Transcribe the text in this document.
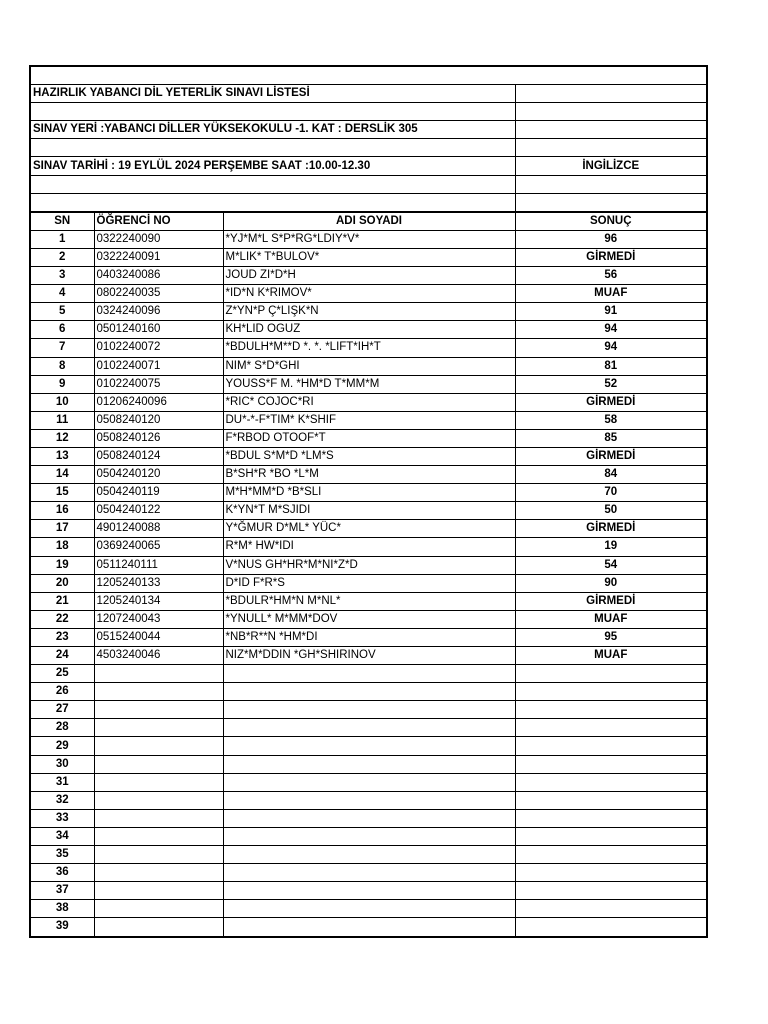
HAZIRLIK YABANCI DİL YETERLİK SINAVI LİSTESİ			

SINAV YERİ :YABANCI DİLLER YÜKSEKOKULU -1. KAT : DERSLİK 305			

SINAV TARİHİ : 19 EYLÜL 2024 PERŞEMBE SAAT :10.00-12.30			İNGİLİZCE

SN	ÖĞRENCİ NO	ADI SOYADI	SONUÇ
1	0322240090	*YJ*M*L S*P*RG*LDIY*V*	96
2	0322240091	M*LIK* T*BULOV*	GİRMEDİ
3	0403240086	JOUD ZI*D*H	56
4	0802240035	*ID*N K*RIMOV*	MUAF
5	0324240096	Z*YN*P Ç*LIŞK*N	91
6	0501240160	KH*LID OGUZ	94
7	0102240072	*BDULH*M**D *. *. *LIFT*IH*T	94
8	0102240071	NIM* S*D*GHI	81
9	0102240075	YOUSS*F M. *HM*D T*MM*M	52
10	01206240096	*RIC* COJOC*RI	GİRMEDİ
11	0508240120	DU*-*-F*TIM* K*SHIF	58
12	0508240126	F*RBOD OTOOF*T	85
13	0508240124	*BDUL S*M*D *LM*S	GİRMEDİ
14	0504240120	B*SH*R *BO *L*M	84
15	0504240119	M*H*MM*D *B*SLI	70
16	0504240122	K*YN*T M*SJIDI	50
17	4901240088	Y*ĞMUR D*ML* YÜC*	GİRMEDİ
18	0369240065	R*M* HW*IDI	19
19	0511240111	V*NUS GH*HR*M*NI*Z*D	54
20	1205240133	D*ID F*R*S	90
21	1205240134	*BDULR*HM*N M*NL*	GİRMEDİ
22	1207240043	*YNULL* M*MM*DOV	MUAF
23	0515240044	*NB*R**N *HM*DI	95
24	4503240046	NIZ*M*DDIN *GH*SHIRINOV	MUAF
25			
26			
27			
28			
29			
30			
31			
32			
33			
34			
35			
36			
37			
38			
39			
